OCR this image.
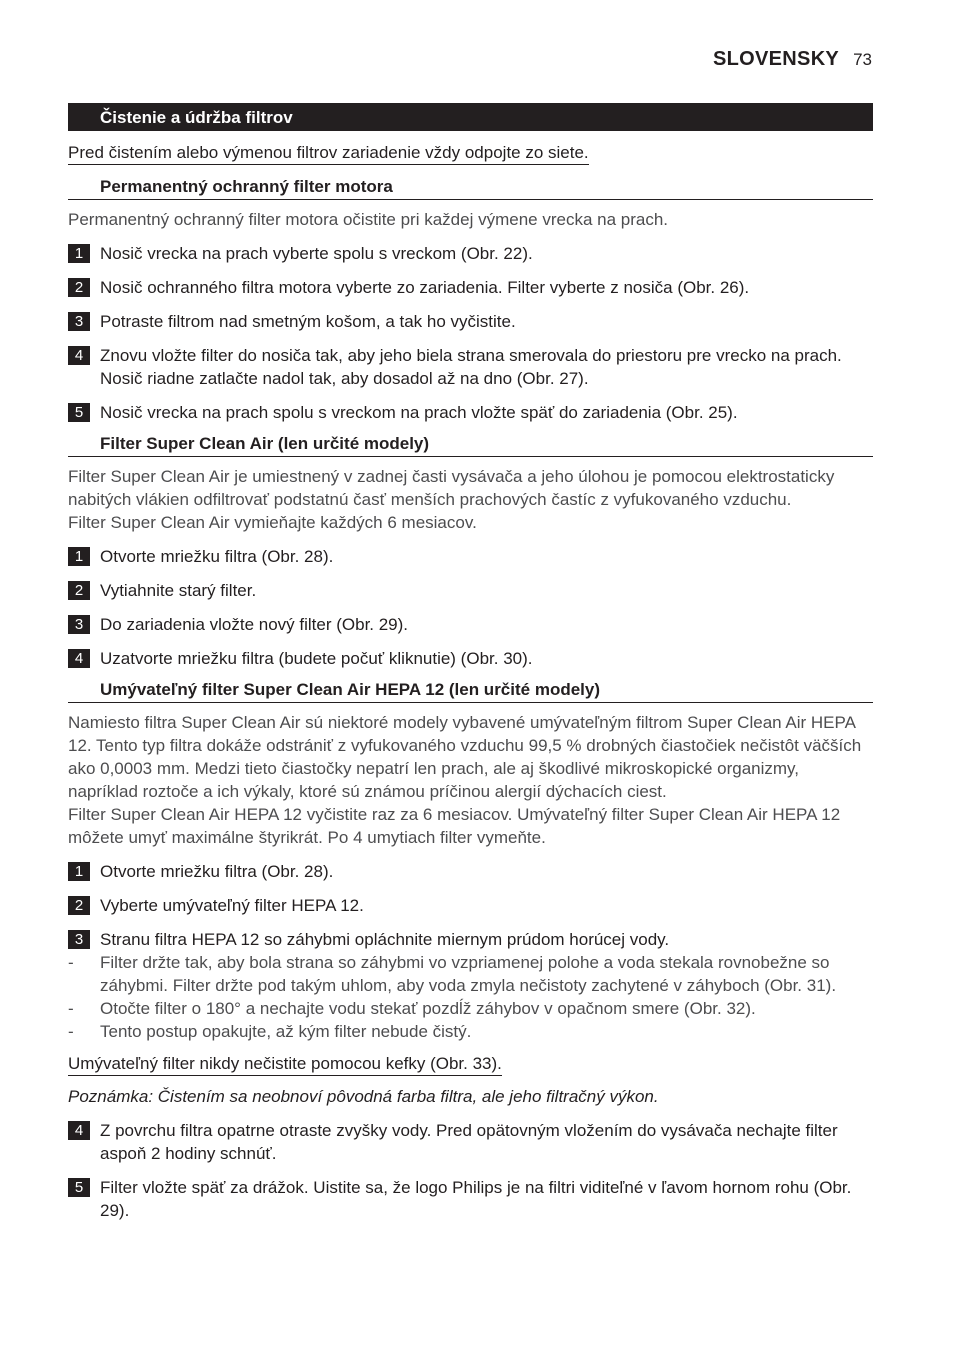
SLOVENSKY 73
Čistenie a údržba filtrov
Pred čistením alebo výmenou filtrov zariadenie vždy odpojte zo siete.
Permanentný ochranný filter motora
Permanentný ochranný filter motora očistite pri každej výmene vrecka na prach.
1 Nosič vrecka na prach vyberte spolu s vreckom (Obr. 22).
2 Nosič ochranného filtra motora vyberte zo zariadenia. Filter vyberte z nosiča (Obr. 26).
3 Potraste filtrom nad smetným košom, a tak ho vyčistite.
4 Znovu vložte filter do nosiča tak, aby jeho biela strana smerovala do priestoru pre vrecko na prach. Nosič riadne zatlačte nadol tak, aby dosadol až na dno (Obr. 27).
5 Nosič vrecka na prach spolu s vreckom na prach vložte späť do zariadenia (Obr. 25).
Filter Super Clean Air (len určité modely)
Filter Super Clean Air je umiestnený v zadnej časti vysávača a jeho úlohou je pomocou elektrostaticky nabitých vlákien odfiltrovať podstatnú časť menších prachových častíc z vyfukovaného vzduchu.
Filter Super Clean Air vymieňajte každých 6 mesiacov.
1 Otvorte mriežku filtra (Obr. 28).
2 Vytiahnite starý filter.
3 Do zariadenia vložte nový filter (Obr. 29).
4 Uzatvorte mriežku filtra (budete počuť kliknutie) (Obr. 30).
Umývateľný filter Super Clean Air HEPA 12 (len určité modely)
Namiesto filtra Super Clean Air sú niektoré modely vybavené umývateľným filtrom Super Clean Air HEPA 12. Tento typ filtra dokáže odstrániť z vyfukovaného vzduchu 99,5 % drobných čiastočiek nečistôt väčších ako 0,0003 mm. Medzi tieto čiastočky nepatrí len prach, ale aj škodlivé mikroskopické organizmy, napríklad roztoče a ich výkaly, ktoré sú známou príčinou alergií dýchacích ciest.
Filter Super Clean Air HEPA 12 vyčistite raz za 6 mesiacov. Umývateľný filter Super Clean Air HEPA 12 môžete umyť maximálne štyrikrát. Po 4 umytiach filter vymeňte.
1 Otvorte mriežku filtra (Obr. 28).
2 Vyberte umývateľný filter HEPA 12.
3 Stranu filtra HEPA 12 so záhybmi opláchnite miernym prúdom horúcej vody.
-	Filter držte tak, aby bola strana so záhybmi vo vzpriamenej polohe a voda stekala rovnobežne so záhybmi. Filter držte pod takým uhlom, aby voda zmyla nečistoty zachytené v záhyboch (Obr. 31).
-	Otočte filter o 180° a nechajte vodu stekať pozdĺž záhybov v opačnom smere (Obr. 32).
-	Tento postup opakujte, až kým filter nebude čistý.
Umývateľný filter nikdy nečistite pomocou kefky (Obr. 33).
Poznámka: Čistením sa neobnoví pôvodná farba filtra, ale jeho filtračný výkon.
4 Z povrchu filtra opatrne otraste zvyšky vody. Pred opätovným vložením do vysávača nechajte filter aspoň 2 hodiny schnúť.
5 Filter vložte späť za drážok. Uistite sa, že logo Philips je na filtri viditeľné v ľavom hornom rohu (Obr. 29).
